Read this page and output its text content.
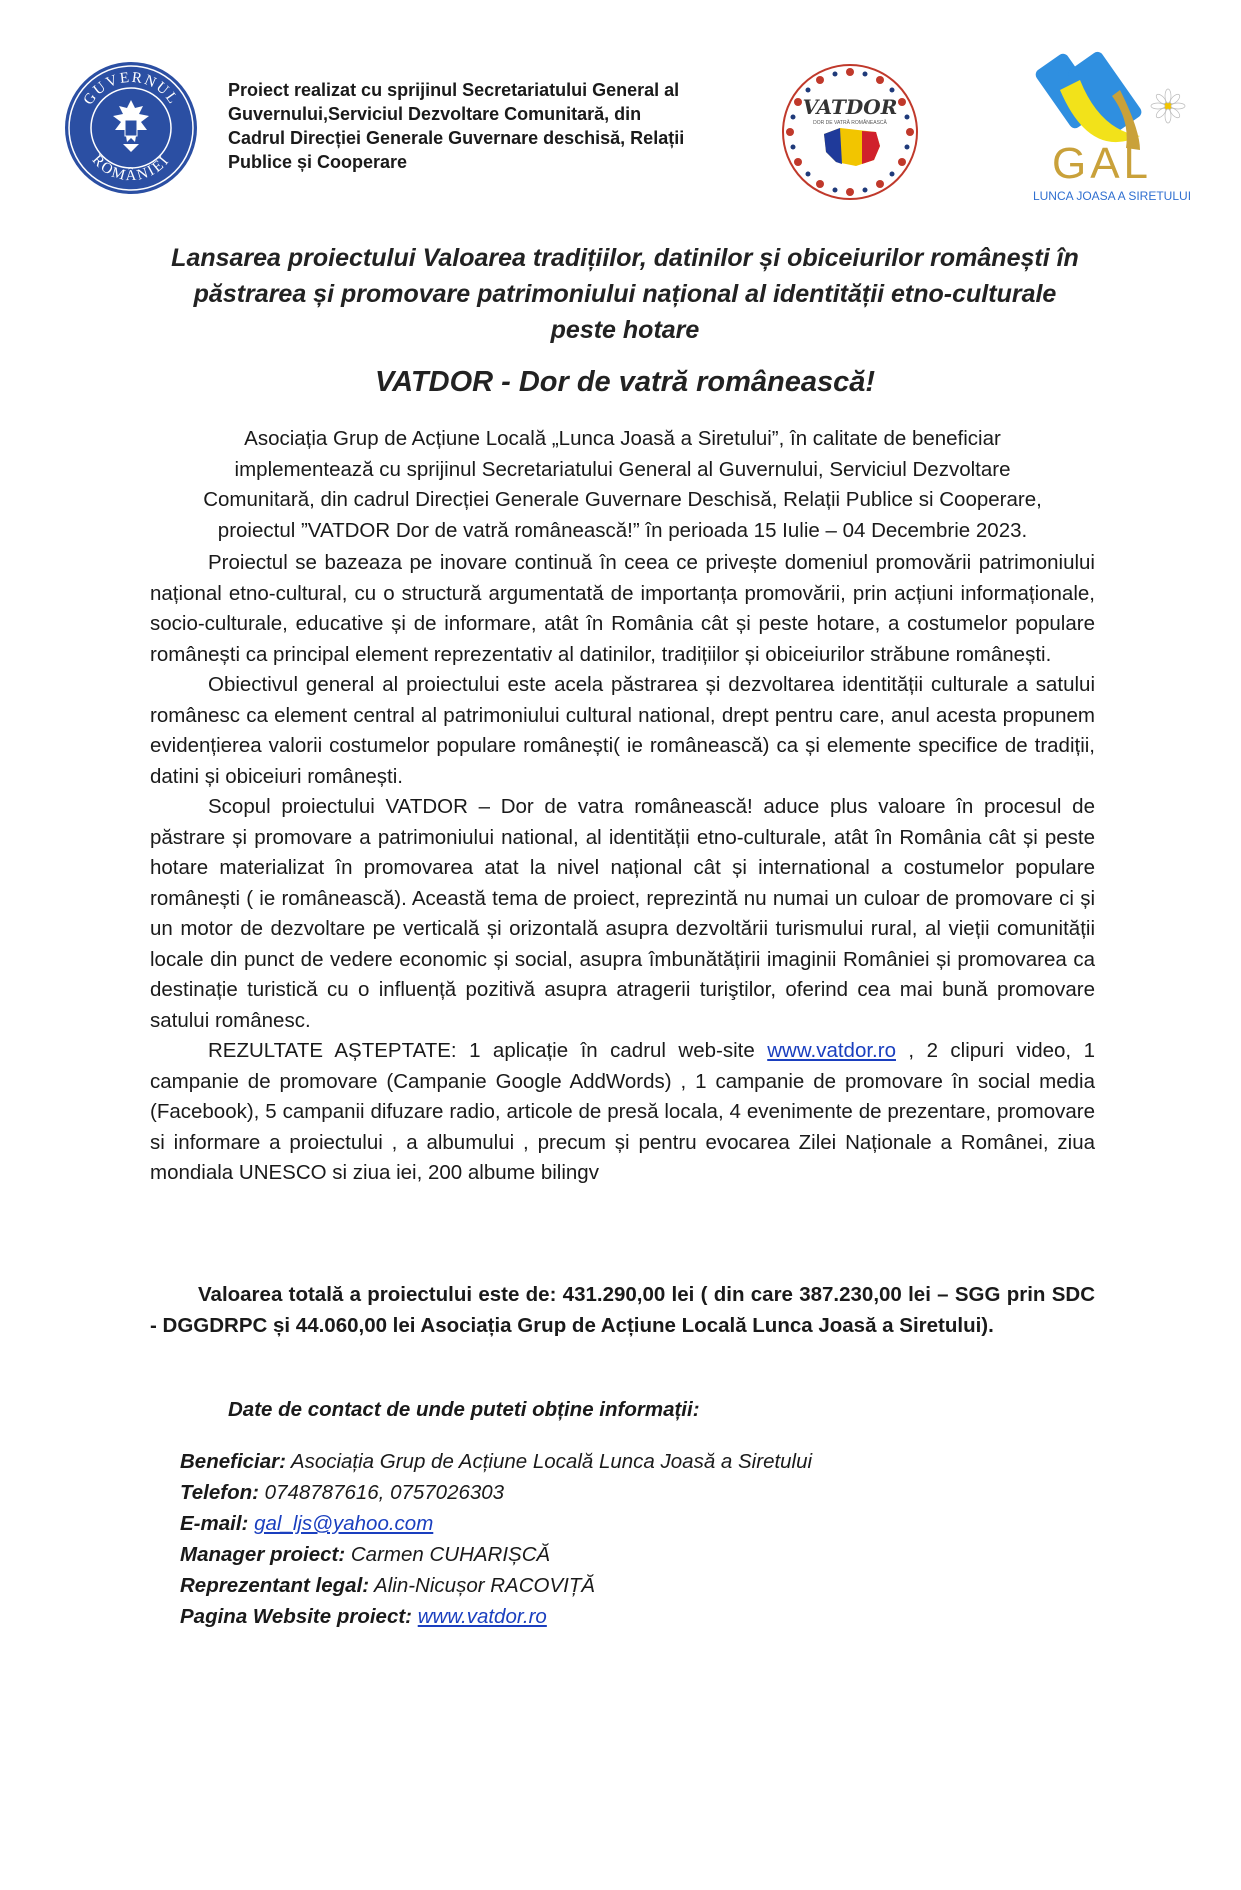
GUVERNUL
ROMÂNIEI
Proiect realizat cu sprijinul Secretariatului General al
Guvernului,Serviciul Dezvoltare Comunitară, din
Cadrul Direcției Generale Guvernare deschisă, Relații
Publice și Cooperare
VATDOR
DOR DE VATRĂ ROMÂNEASCĂ
GAL
LUNCA JOASA A SIRETULUI
Lansarea proiectului Valoarea tradițiilor, datinilor și obiceiurilor românești în
păstrarea și promovare patrimoniului național al identității etno-culturale
peste hotare
VATDOR - Dor de vatră românească!
Asociația Grup de Acțiune Locală „Lunca Joasă a Siretului”, în calitate de beneficiar
implementează cu sprijinul Secretariatului General al Guvernului, Serviciul Dezvoltare
Comunitară, din cadrul Direcției Generale Guvernare Deschisă, Relații Publice si Cooperare,
proiectul ”VATDOR Dor de vatră românească!” în perioada 15 Iulie – 04 Decembrie 2023.

Proiectul se bazeaza pe inovare continuă în ceea ce privește domeniul promovării patrimoniului național etno-cultural, cu o structură argumentată de importanța promovării, prin acțiuni informaționale, socio-culturale, educative și de informare, atât în România cât și peste hotare, a costumelor populare românești ca principal element reprezentativ al datinilor, tradițiilor și obiceiurilor străbune românești.

Obiectivul general al proiectului este acela păstrarea și dezvoltarea identității culturale a satului românesc ca element central al patrimoniului cultural national, drept pentru care, anul acesta propunem evidențierea valorii costumelor populare românești( ie românească) ca și elemente specifice de tradiții, datini și obiceiuri românești.

Scopul proiectului VATDOR – Dor de vatra românească! aduce plus valoare în procesul de păstrare și promovare a patrimoniului national, al identității etno-culturale, atât în România cât și peste hotare materializat în promovarea atat la nivel național cât și international a costumelor populare românești ( ie românească). Această tema de proiect, reprezintă nu numai un culoar de promovare ci și un motor de dezvoltare pe verticală și orizontală asupra dezvoltării turismului rural, al vieții comunității locale din punct de vedere economic și social, asupra îmbunătățirii imaginii României și promovarea ca destinație turistică cu o influență pozitivă asupra atragerii turiştilor, oferind cea mai bună promovare satului românesc.

REZULTATE AȘTEPTATE: 1 aplicație în cadrul web-site www.vatdor.ro , 2 clipuri video, 1 campanie de promovare (Campanie Google AddWords) , 1 campanie de promovare în social media (Facebook), 5 campanii difuzare radio, articole de presă locala, 4 evenimente de prezentare, promovare si informare a proiectului , a albumului , precum și pentru evocarea Zilei Naționale a Românei, ziua mondiala UNESCO si ziua iei, 200 albume bilingv

Valoarea totală a proiectului este de: 431.290,00 lei ( din care 387.230,00 lei – SGG prin SDC - DGGDRPC și 44.060,00 lei Asociația Grup de Acțiune Locală Lunca Joasă a Siretului).
Date de contact de unde puteti obține informații:
Beneficiar: Asociația Grup de Acțiune Locală Lunca Joasă a Siretului
Telefon: 0748787616, 0757026303
E-mail: gal_ljs@yahoo.com
Manager proiect: Carmen CUHARIȘCĂ
Reprezentant legal: Alin-Nicușor RACOVIȚĂ
Pagina Website proiect: www.vatdor.ro
